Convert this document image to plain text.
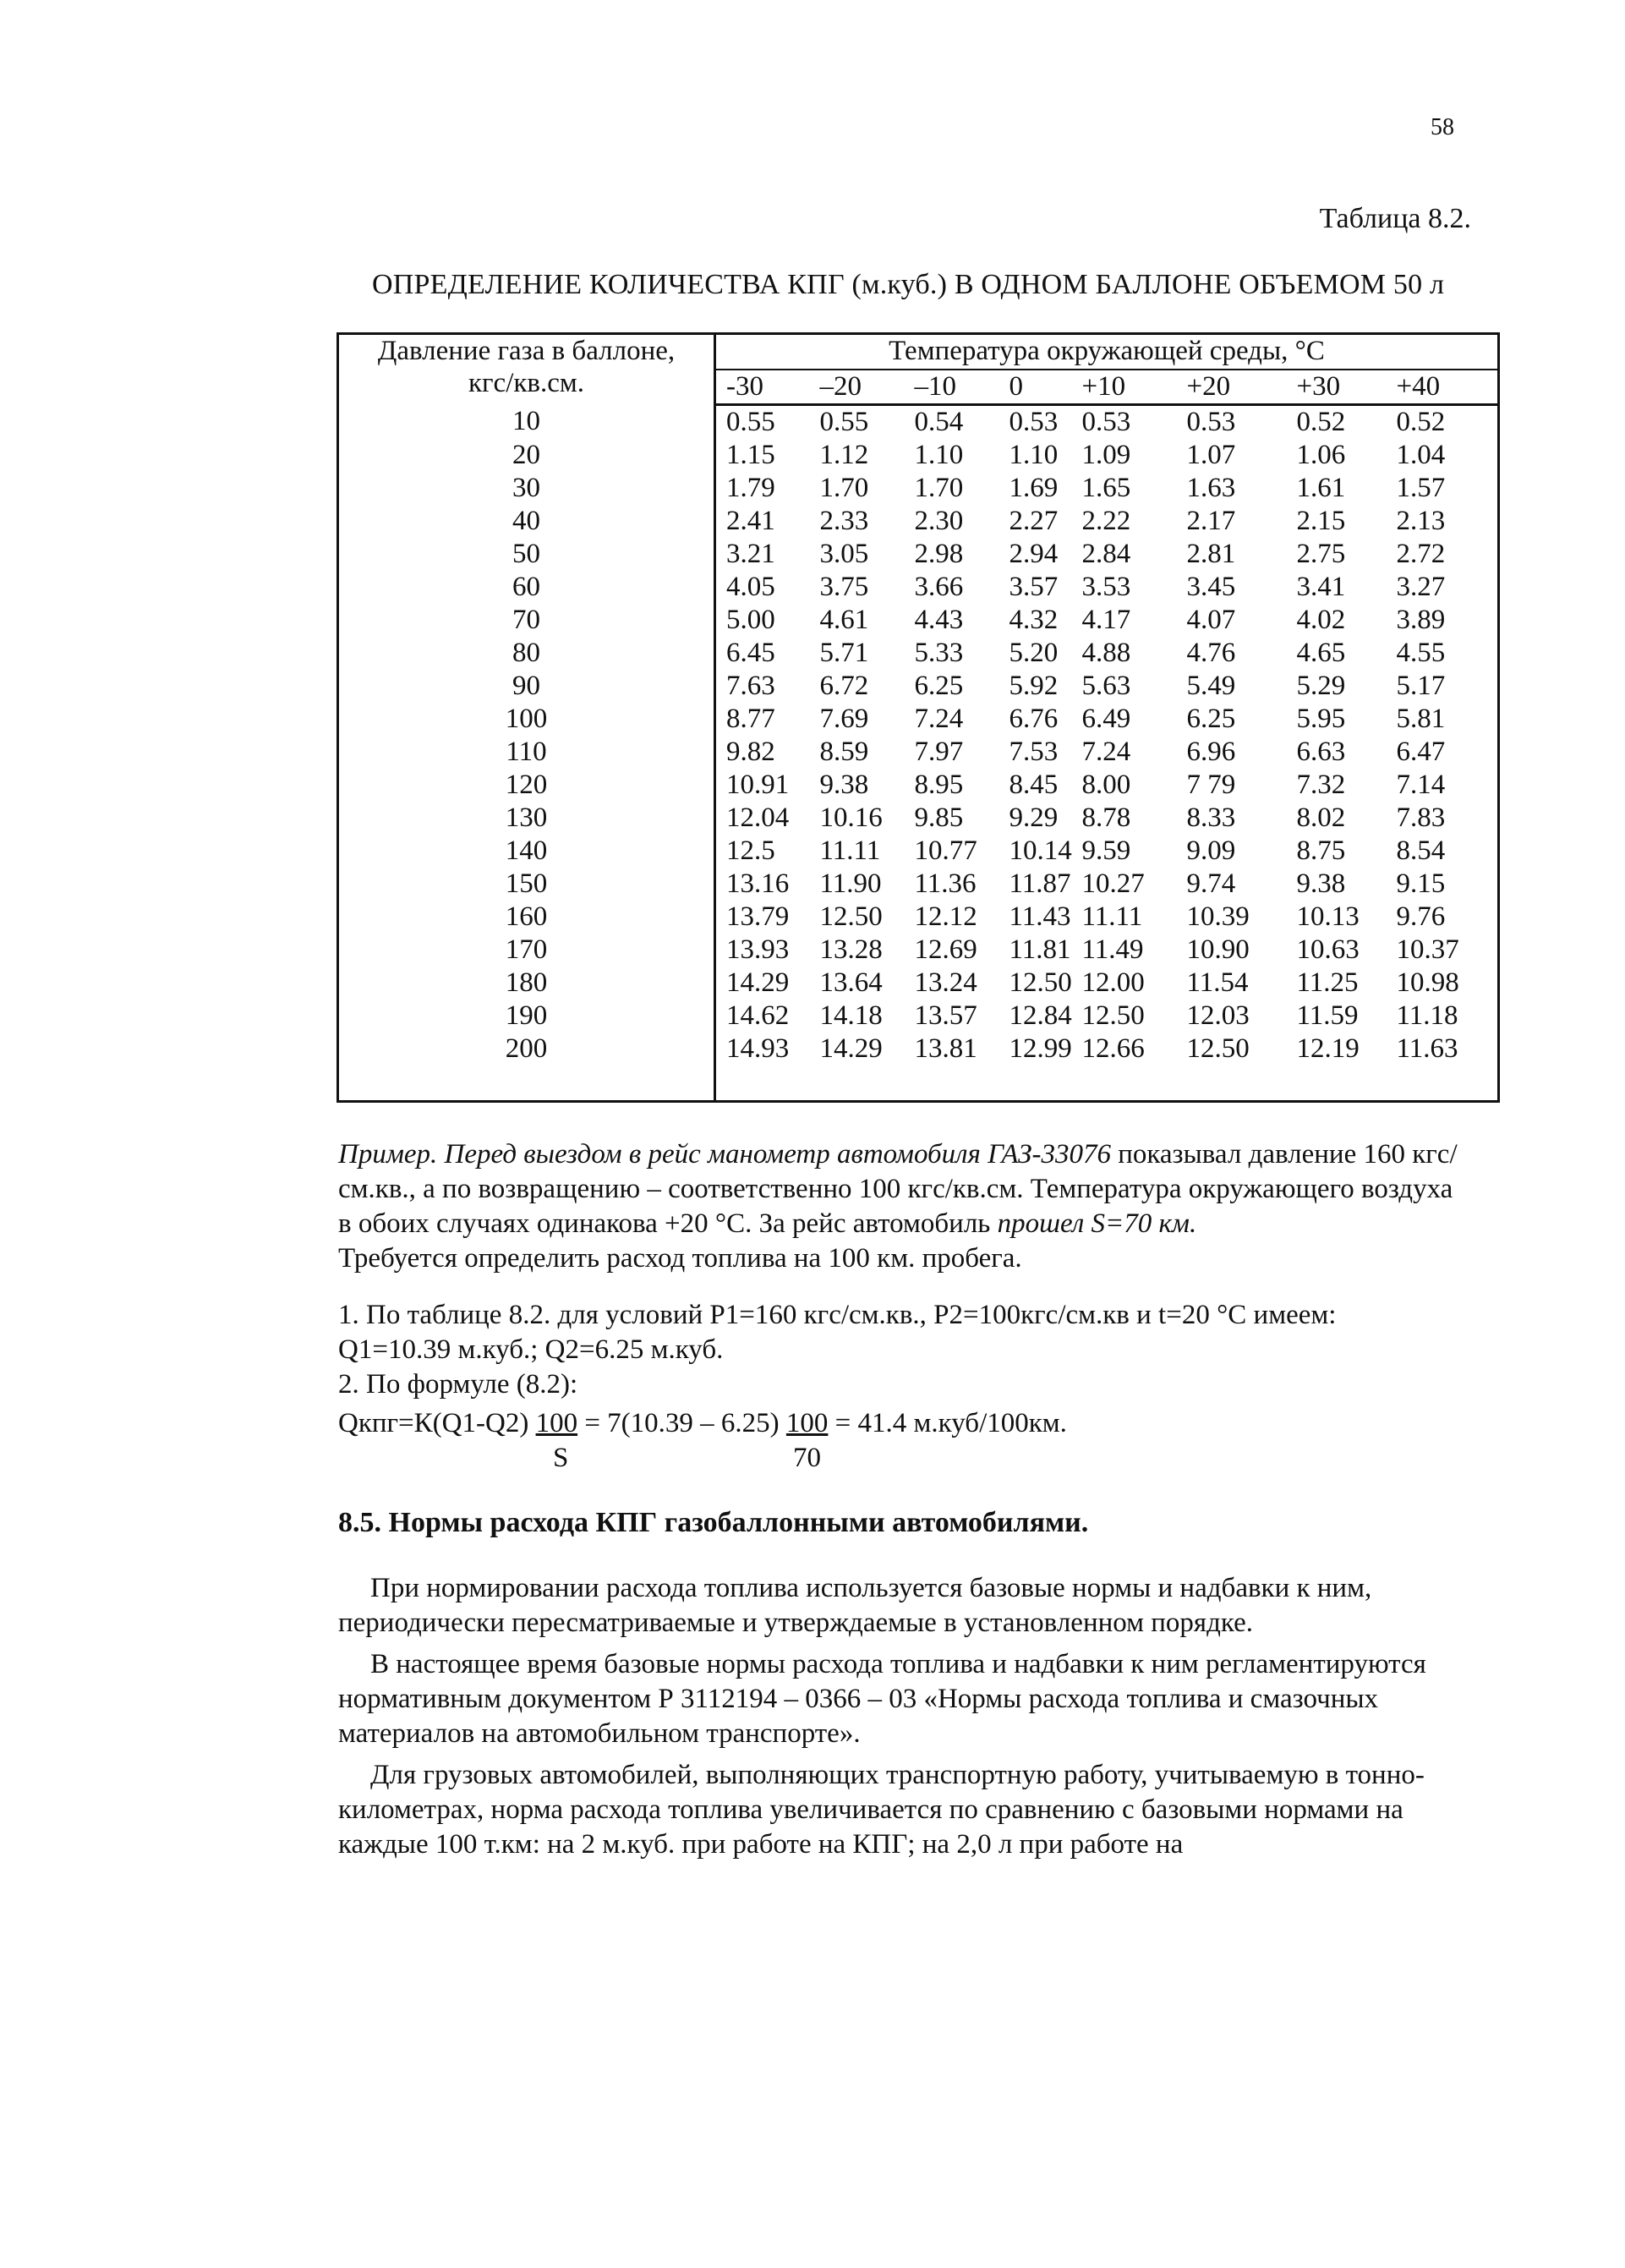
58
Таблица 8.2.
ОПРЕДЕЛЕНИЕ КОЛИЧЕСТВА КПГ (м.куб.) В ОДНОМ БАЛЛОНЕ ОБЪЕМОМ 50 л
Давление газа в баллоне,
кгс/кв.см.	Температура окружающей среды, °С							
	-30	–20	–10	0	+10	+20	+30	+40
10	0.55	0.55	0.54	0.53	0.53	0.53	0.52	0.52
20	1.15	1.12	1.10	1.10	1.09	1.07	1.06	1.04
30	1.79	1.70	1.70	1.69	1.65	1.63	1.61	1.57
40	2.41	2.33	2.30	2.27	2.22	2.17	2.15	2.13
50	3.21	3.05	2.98	2.94	2.84	2.81	2.75	2.72
60	4.05	3.75	3.66	3.57	3.53	3.45	3.41	3.27
70	5.00	4.61	4.43	4.32	4.17	4.07	4.02	3.89
80	6.45	5.71	5.33	5.20	4.88	4.76	4.65	4.55
90	7.63	6.72	6.25	5.92	5.63	5.49	5.29	5.17
100	8.77	7.69	7.24	6.76	6.49	6.25	5.95	5.81
110	9.82	8.59	7.97	7.53	7.24	6.96	6.63	6.47
120	10.91	9.38	8.95	8.45	8.00	7 79	7.32	7.14
130	12.04	10.16	9.85	9.29	8.78	8.33	8.02	7.83
140	12.5	11.11	10.77	10.14	9.59	9.09	8.75	8.54
150	13.16	11.90	11.36	11.87	10.27	9.74	9.38	9.15
160	13.79	12.50	12.12	11.43	11.11	10.39	10.13	9.76
170	13.93	13.28	12.69	11.81	11.49	10.90	10.63	10.37
180	14.29	13.64	13.24	12.50	12.00	11.54	11.25	10.98
190	14.62	14.18	13.57	12.84	12.50	12.03	11.59	11.18
200	14.93	14.29	13.81	12.99	12.66	12.50	12.19	11.63

Пример. Перед выездом в рейс манометр автомобиля ГАЗ-33076 показывал давление 160 кгс/см.кв., а по возвращению – соответственно 100 кгс/кв.см. Температура окружающего воздуха в обоих случаях одинакова +20 °С. За рейс автомобиль прошел S=70 км.

Требуется определить расход топлива на 100 км. пробега.

1. По таблице 8.2. для условий Р1=160 кгс/см.кв., Р2=100кгс/см.кв и t=20 °С имеем:

Q1=10.39 м.куб.; Q2=6.25 м.куб.

2. По формуле (8.2):

Qкпг=К(Q1-Q2) 100 = 7(10.39 – 6.25) 100 = 41.4 м.куб/100км.
S	70
8.5. Нормы расхода КПГ газобаллонными автомобилями.

При нормировании расхода топлива используется базовые нормы и надбавки к ним, периодически пересматриваемые и утверждаемые в установленном порядке.

В настоящее время базовые нормы расхода топлива и надбавки к ним регламентируются нормативным документом Р 3112194 – 0366 – 03 «Нормы расхода топлива и смазочных материалов на автомобильном транспорте».

Для грузовых автомобилей, выполняющих транспортную работу, учитываемую в тонно-километрах, норма расхода топлива увеличивается по сравнению с базовыми нормами на каждые 100 т.км: на 2 м.куб. при работе на КПГ; на 2,0 л при работе на
